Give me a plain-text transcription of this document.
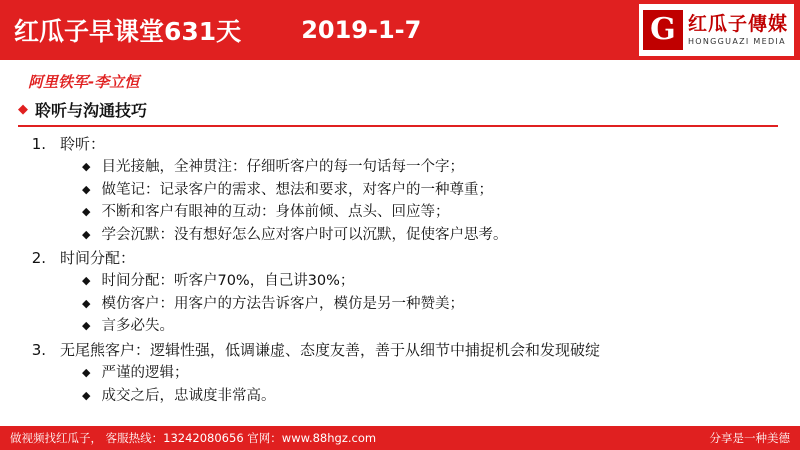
红瓜子早课堂631天	2019-1-7	G 红瓜子傳媒
HONGGUAZI MEDIA
阿里铁军-李立恒
◆ 聆听与沟通技巧
1. 聆听：
◆ 目光接触，全神贯注：仔细听客户的每一句话每一个字；
◆ 做笔记：记录客户的需求、想法和要求，对客户的一种尊重；
◆ 不断和客户有眼神的互动：身体前倾、点头、回应等；
◆ 学会沉默：没有想好怎么应对客户时可以沉默，促使客户思考。
2. 时间分配：
◆ 时间分配：听客户70%，自己讲30%；
◆ 模仿客户：用客户的方法告诉客户，模仿是另一种赞美；
◆ 言多必失。
3. 无尾熊客户：逻辑性强，低调谦虚、态度友善，善于从细节中捕捉机会和发现破绽
◆ 严谨的逻辑；
◆ 成交之后，忠诚度非常高。
做视频找红瓜子， 客服热线：13242080656 官网：www.88hgz.com	分享是一种美德
